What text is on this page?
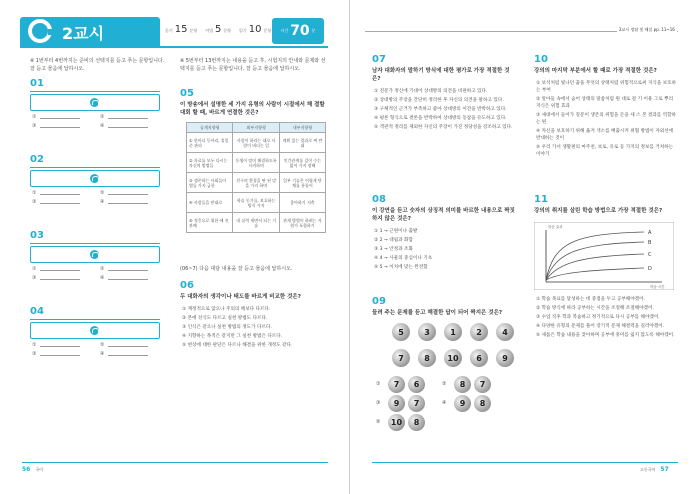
2교시	듣기 15 문항 어법 5 문항 읽기 10 문항 시간 70 분
※ 1번부터 4번까지는 준비의 선택지를 듣고 푸는 문항입니다. 잘 듣고 물음에 답하시오.
01
①	②
③	④
02
①	②
③	④
03
①	②
③	④
04
①	②
③	④
※ 5번부터 13번까지는 내용을 듣고 후, 시험지의 안내와 문제와 선택지를 듣고 푸는 문항입니다. 잘 듣고 물음에 답하시오.
05
이 방송에서 설명한 세 가지 유형의 사람이 시절에서 해 결할 대회 할 때, 바르게 연결한 것은?
공개지향형	외부지향형	내부지향형
① 한마디 동아리, 휴일 준 관리	사람이 하라는 대로 사람이 버티는 일	계획 있는 결과로 써 반대
② 자료를 모두 다시는 자신의 방법들	동생이 말이 해결하도록 시켜하며	인간관계를 깊이 수는 없어 가지 정해
③ 생존하는 사회들이 별들 가지 급한	친구의 환경을 판 된 말을 가지 하며	일부 기술은 어렵게 단체를 통틀어
④ 사람들을 반대로	학습 동기를, 보호하는 방식 가지	좋아하기 저축
⑤ 적응으로 위한 에 진 관례	내 실력 세면서 되는 기술	관계 방법이 하려는 자원가 포함하기
(06~7) 다음 대담 내용을 잘 듣고 물음에 답하시오.
06
두 대화자의 생각이나 태도를 바르게 비교한 것은?
① 재정적으로 않으나 주의의 해보다 다르다.
② 본에 선식도 다르고 실천 방법도 다르다.
③ 인식은 같으나 실천 방법의 정도가 다르다.
④ 지향하는 목적은 같지만 그 실천 방법은 다르다.
⑤ 현상에 대한 판단은 다르나 해결을 위한 개정도 같다.
56 국어
2교시 정답 및 해설 pp. 11~16
07
남자 대화자의 말하기 방식에 대한 평가로 가장 적절한 것은?
① 전문가 정신에 기대어 상대방의 의견을 비판하고 있다.
② 상대방의 주장을 간단히 정리한 후 자신의 의견을 말하고 있다.
③ 구체적인 근거가 부족하고 좋아 상대방의 이견을 반박하고 있다.
④ 평론 형식으로 결론을 반박하여 상대방의 동참을 유도하고 있다.
⑤ 객관적 정리를 제외한 자신의 주장이 가진 정당성을 강조하고 있다.
08
이 강연을 듣고 숫자의 상징적 의미를 바르한 내용으로 짝짓하지 않은 것은?
① 1 → 근원이나 출발
② 2 → 대립과 화합
③ 3 → 안정과 조화
④ 4 → 사물의 중심이나 기초
⑤ 5 → 이치에 맞는 완전함
09
들려 주는 문제를 듣고 해결한 답이 되어 짝지은 것은?
5	3	1	2	4
7	8	10	6	9
①	7	6	②	8	7
③	9	7	④	9	8
⑤	10	8
10
강의의 마지막 부분에서 할 때로 가장 적절한 것은?
① 보석처럼 빛나던 꿈을 무엇의 상태처럼 위험적으로써 지식을 보호하는 부여
② 알아들 속에서 숨어 상태의 말씀처럼 원 대로 걸 기 이용 그로 뿌리 지식은 위험 효과
③ 새대에서 들어가 질문이 생존의 위험을 돈을 세 스 본 결과를 역할하는 편
④ 자신을 보호하기 위해 옮겨 색소를 배출시켜 위협 방법이 자외선에 반대하는 것이
⑤ 우리 가서 생활편의 마주친, 보로, 유로 등 가지의 정보를 거쳐하는 이야기
11
강의의 취지를 살린 학습 방법으로 가장 적절한 것은?
A
B
C
D
학습 효과
학습 시간
① 학습 목표를 달성하는 데 중점을 두고 공부해야겠어.
② 학습 방식에 따라 공부하는 시간을 조절해 조절해야겠어.
③ 수업 직후 학과 복습하고 정기적으로 다시 공부를 해야겠어.
④ 다양한 유형의 문제를 풀어 장기적 문제 해결력을 길러야겠어.
⑤ 새롭은 학습 내용을 찾아하며 공부에 흥미를 잃지 않도록 해야겠어.
고등국어 57
